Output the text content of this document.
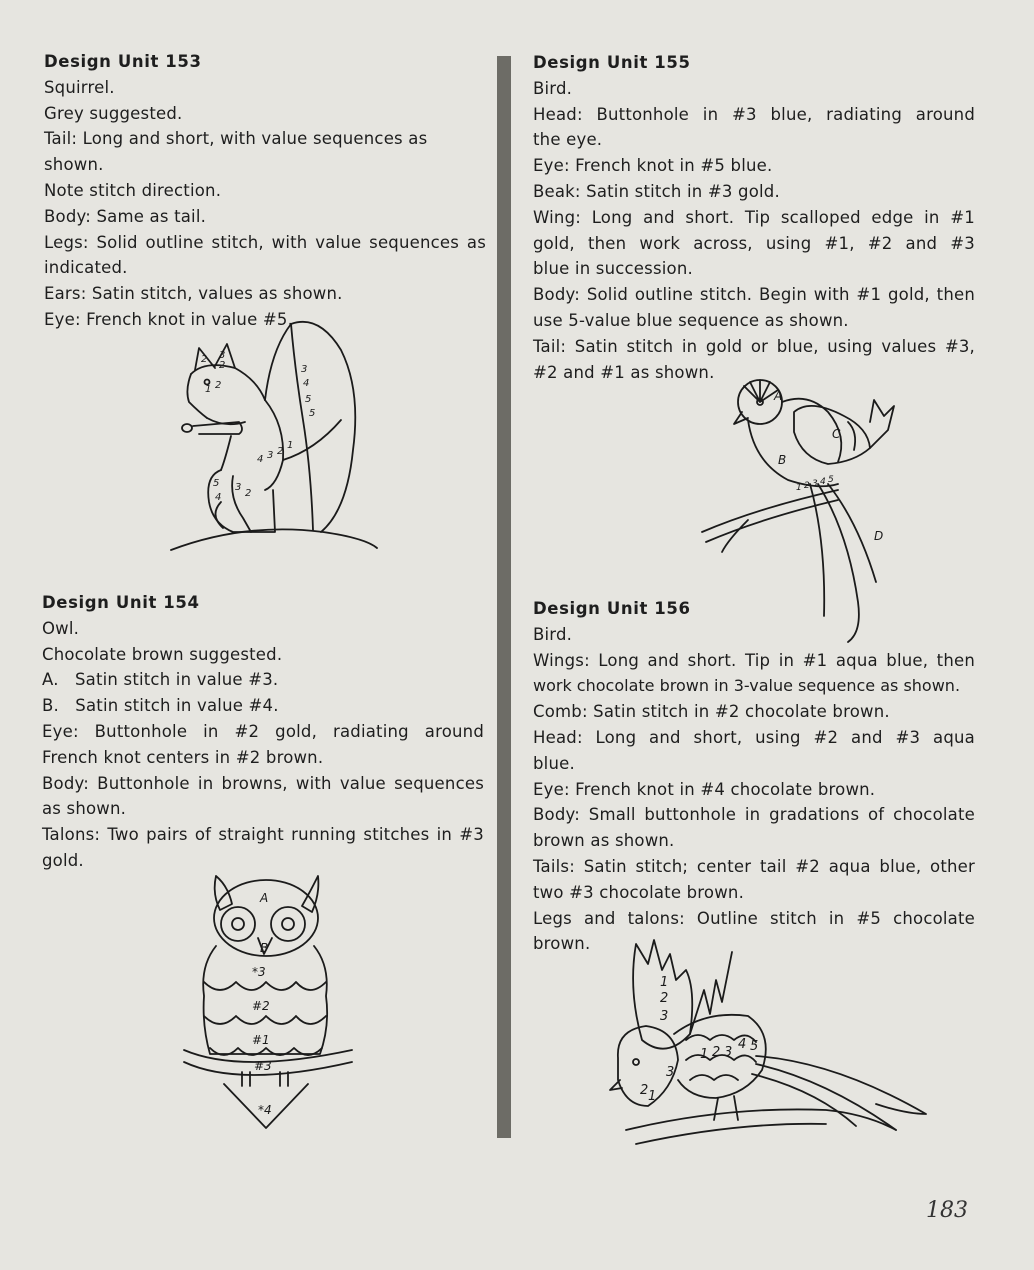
Design Unit 153

Squirrel.

Grey suggested.

Tail: Long and short, with value sequences as shown.

Note stitch direction.

Body: Same as tail.

Legs: Solid outline stitch, with value sequences as

indicated.

Ears: Satin stitch, values as shown.

Eye: French knot in value #5.

Design Unit 154

Owl.

Chocolate brown suggested.

A.   Satin stitch in value #3.

B.   Satin stitch in value #4.

Eye: Buttonhole in #2 gold, radiating around

French knot centers in #2 brown.

Body: Buttonhole in browns, with value sequences

as shown.

Talons: Two pairs of straight running stitches in #3

gold.

Design Unit 155

Bird.

Head: Buttonhole in #3 blue, radiating around

the eye.

Eye: French knot in #5 blue.

Beak: Satin stitch in #3 gold.

Wing: Long and short. Tip scalloped edge in #1

gold, then work across, using #1, #2 and #3

blue in succession.

Body: Solid outline stitch. Begin with #1 gold, then

use 5-value blue sequence as shown.

Tail: Satin stitch in gold or blue, using values #3,

#2 and #1 as shown.

Design Unit 156

Bird.

Wings: Long and short. Tip in #1 aqua blue, then

work chocolate brown in 3-value sequence as shown.

Comb: Satin stitch in #2 chocolate brown.

Head: Long and short, using #2 and #3 aqua

blue.

Eye: French knot in #4 chocolate brown.

Body: Small buttonhole in gradations of chocolate

brown as shown.

Tails: Satin stitch; center tail #2 aqua blue, other

two #3 chocolate brown.

Legs and talons: Outline stitch in #5 chocolate

brown.

2 3
2
1 2
3
4
5
5
4 3 2
1
5
4
3
2
A
B
*3
#2
#1
#3
*4
A
B
C
D
1 2 3 4 5
1
2
3
3
1 2 3
4 5
2 1
183
